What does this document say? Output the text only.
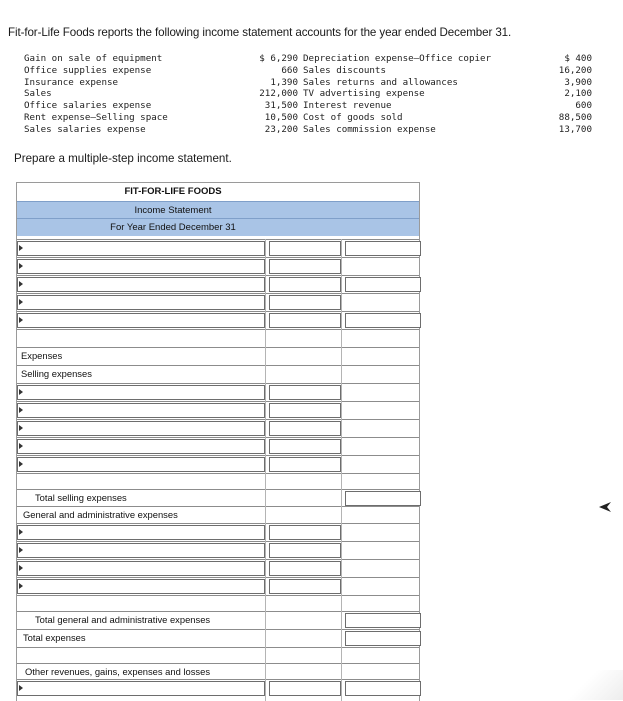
Fit-for-Life Foods reports the following income statement accounts for the year ended December 31.
Gain on sale of equipment	$ 6,290 Depreciation expense—Office copier	$ 400
Office supplies expense	660 Sales discounts	16,200
Insurance expense	1,390 Sales returns and allowances	3,900
Sales	212,000 TV advertising expense	2,100
Office salaries expense	31,500 Interest revenue	600
Rent expense—Selling space	10,500 Cost of goods sold	88,500
Sales salaries expense	23,200 Sales commission expense	13,700
Prepare a multiple-step income statement.
FIT-FOR-LIFE FOODS
Income Statement
For Year Ended December 31
Expenses
Selling expenses
Total selling expenses
General and administrative expenses
Total general and administrative expenses
Total expenses
Other revenues, gains, expenses and losses
